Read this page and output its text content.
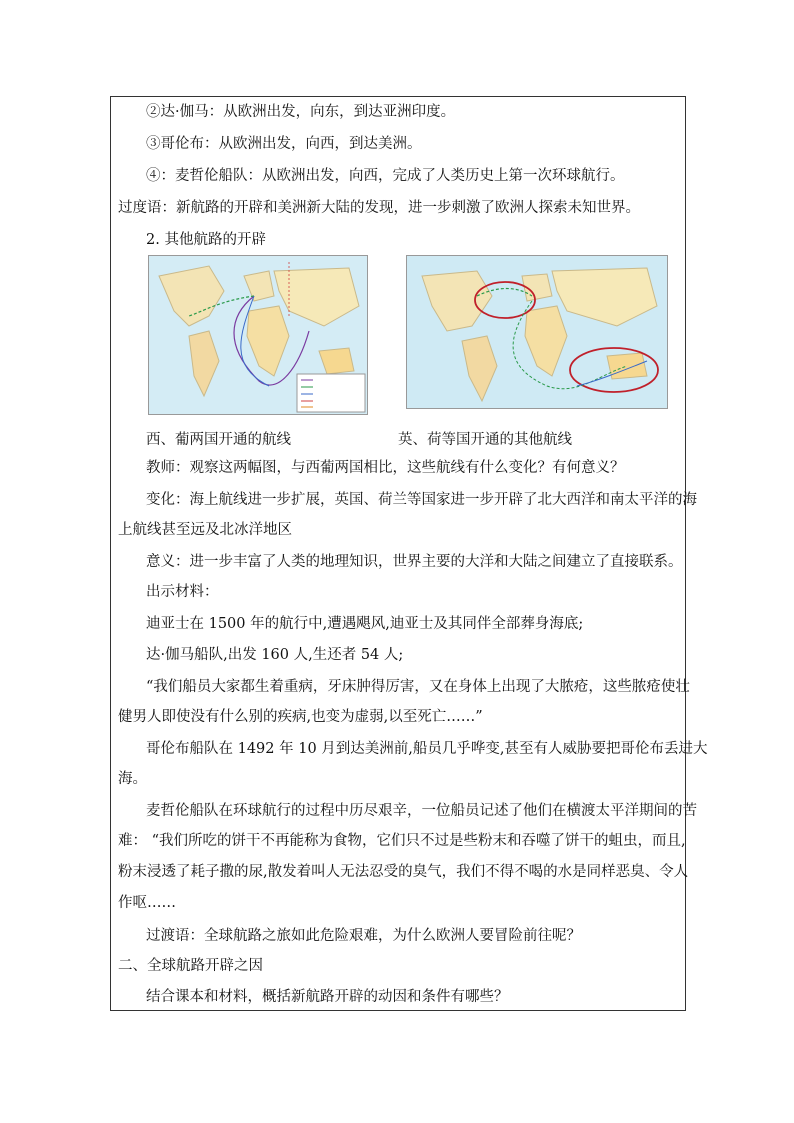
②达·伽马：从欧洲出发，向东，到达亚洲印度。
③哥伦布：从欧洲出发，向西，到达美洲。
④：麦哲伦船队：从欧洲出发，向西，完成了人类历史上第一次环球航行。
过度语：新航路的开辟和美洲新大陆的发现，进一步刺激了欧洲人探索未知世界。
2. 其他航路的开辟
西、葡两国开通的航线	英、荷等国开通的其他航线
教师：观察这两幅图，与西葡两国相比，这些航线有什么变化？有何意义？
变化：海上航线进一步扩展，英国、荷兰等国家进一步开辟了北大西洋和南太平洋的海
上航线甚至远及北冰洋地区
意义：进一步丰富了人类的地理知识，世界主要的大洋和大陆之间建立了直接联系。
出示材料：
迪亚士在 1500 年的航行中,遭遇飓风,迪亚士及其同伴全部葬身海底;
达·伽马船队,出发 160 人,生还者 54 人;
“我们船员大家都生着重病，牙床肿得厉害，又在身体上出现了大脓疮，这些脓疮使壮
健男人即使没有什么别的疾病,也变为虚弱,以至死亡……”
哥伦布船队在 1492 年 10 月到达美洲前,船员几乎哗变,甚至有人威胁要把哥伦布丢进大
海。
麦哲伦船队在环球航行的过程中历尽艰辛，一位船员记述了他们在横渡太平洋期间的苦
难： “我们所吃的饼干不再能称为食物，它们只不过是些粉末和吞噬了饼干的蛆虫，而且,
粉末浸透了耗子撒的尿,散发着叫人无法忍受的臭气，我们不得不喝的水是同样恶臭、令人
作呕……
过渡语：全球航路之旅如此危险艰难，为什么欧洲人要冒险前往呢？
二、全球航路开辟之因
结合课本和材料，概括新航路开辟的动因和条件有哪些？
